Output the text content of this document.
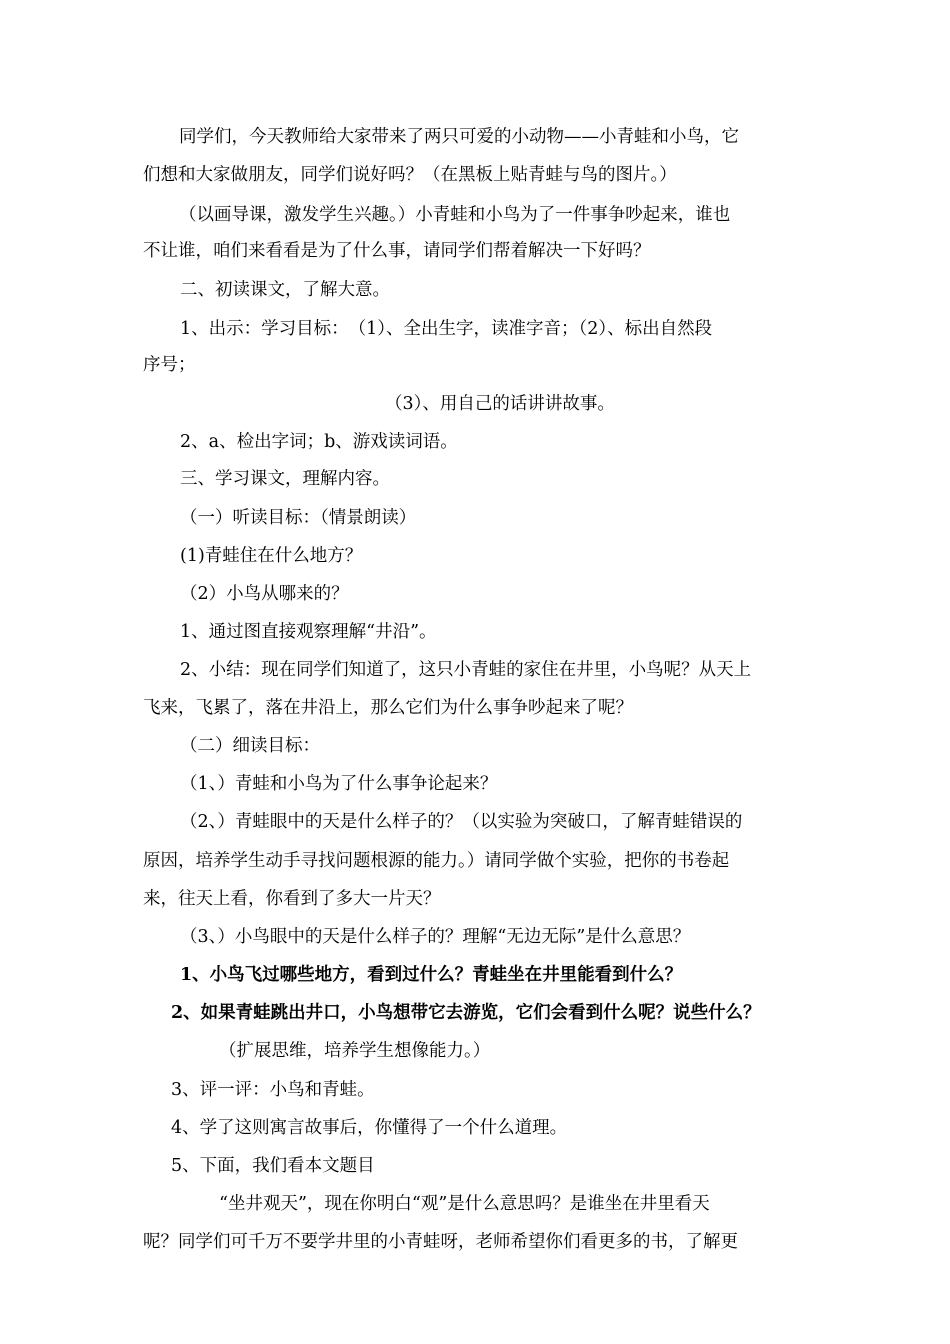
同学们，今天教师给大家带来了两只可爱的小动物——小青蛙和小鸟，它
们想和大家做朋友，同学们说好吗？（在黑板上贴青蛙与鸟的图片。）
（以画导课，激发学生兴趣。）小青蛙和小鸟为了一件事争吵起来，谁也
不让谁，咱们来看看是为了什么事，请同学们帮着解决一下好吗？
二、初读课文，了解大意。
1、出示：学习目标：　（1）、全出生字，读准字音；（2）、标出自然段
序号；
（3）、用自己的话讲讲故事。
2、a、检出字词；b、游戏读词语。
三、学习课文，理解内容。
（一）听读目标：（情景朗读）
(1)青蛙住在什么地方？
（2）小鸟从哪来的？
1、通过图直接观察理解“井沿”。
2、小结：现在同学们知道了，这只小青蛙的家住在井里，小鸟呢？从天上
飞来，飞累了，落在井沿上，那么它们为什么事争吵起来了呢？
（二）细读目标：
（1、）青蛙和小鸟为了什么事争论起来？
（2、）青蛙眼中的天是什么样子的？（以实验为突破口，了解青蛙错误的
原因，培养学生动手寻找问题根源的能力。）请同学做个实验，把你的书卷起
来，往天上看，你看到了多大一片天？
（3、）小鸟眼中的天是什么样子的？理解“无边无际”是什么意思？
1、小鸟飞过哪些地方，看到过什么？青蛙坐在井里能看到什么？
2、如果青蛙跳出井口，小鸟想带它去游览，它们会看到什么呢？说些什么？
（扩展思维，培养学生想像能力。）
3、评一评：小鸟和青蛙。
4、学了这则寓言故事后，你懂得了一个什么道理。
5、下面，我们看本文题目
“坐井观天”，现在你明白“观”是什么意思吗？是谁坐在井里看天
呢？同学们可千万不要学井里的小青蛙呀，老师希望你们看更多的书，了解更
